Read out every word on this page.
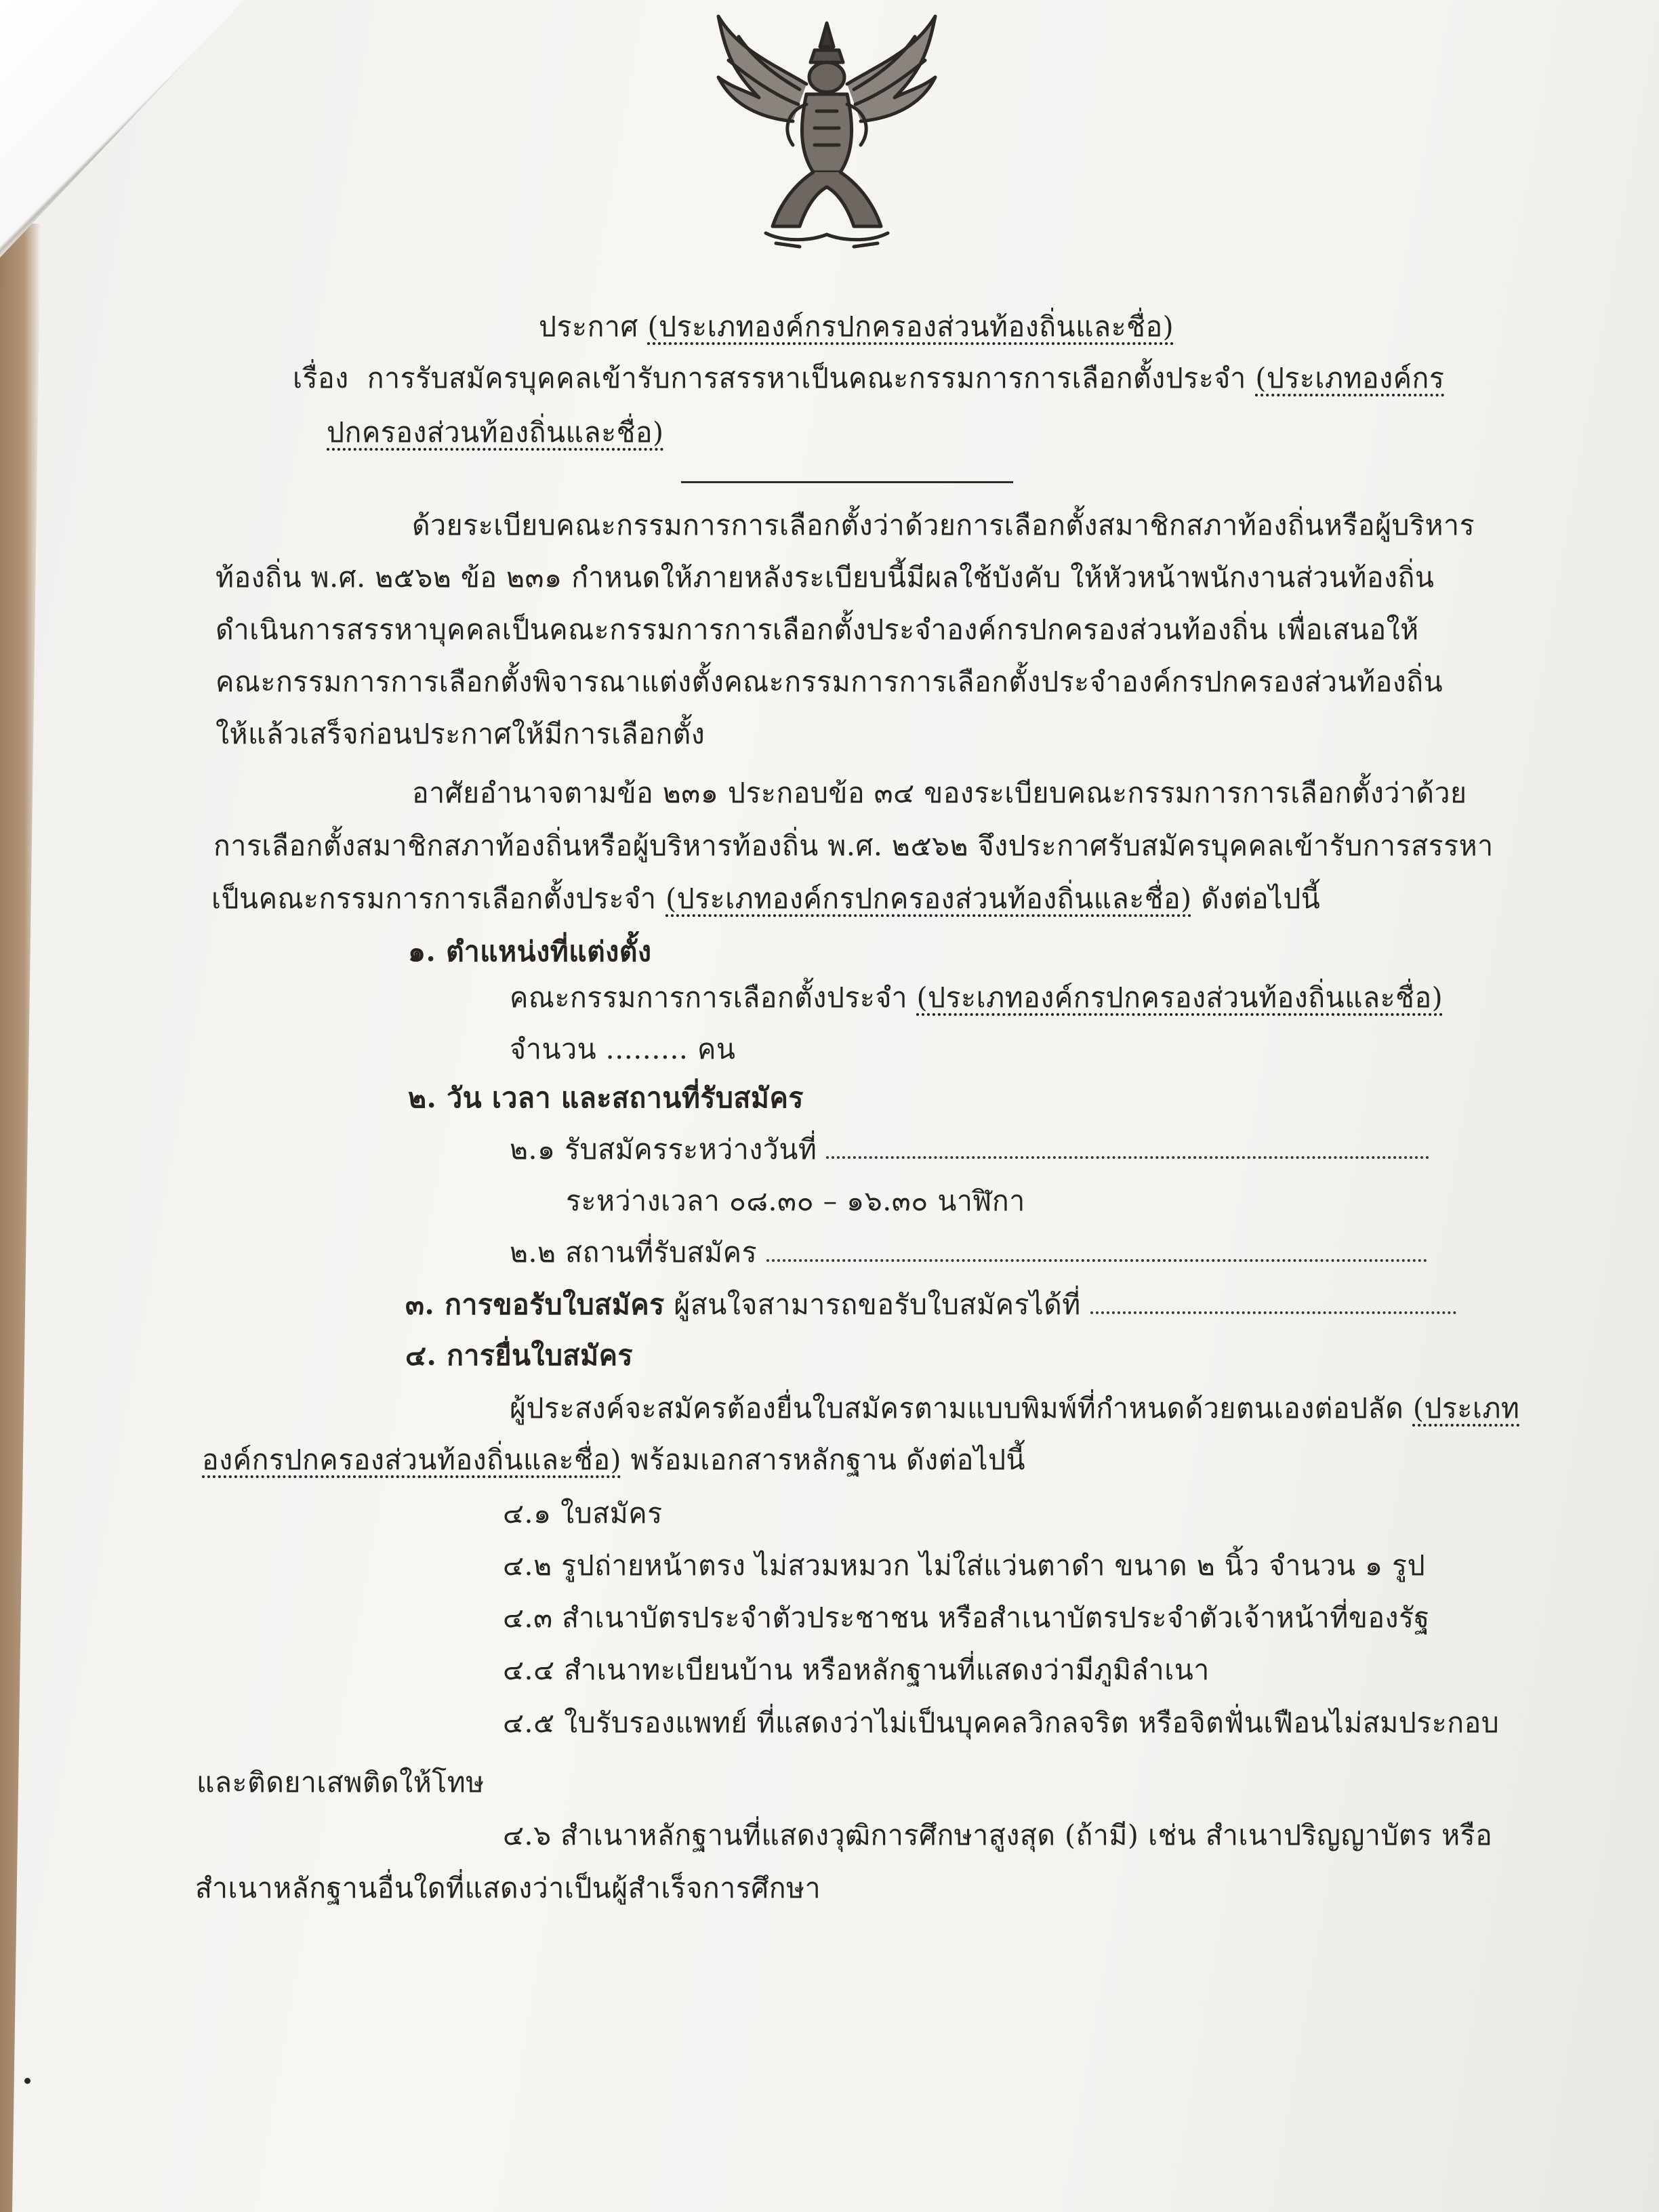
ประกาศ (ประเภทองค์กรปกครองส่วนท้องถิ่นและชื่อ)
เรื่อง การรับสมัครบุคคลเข้ารับการสรรหาเป็นคณะกรรมการการเลือกตั้งประจำ (ประเภทองค์กร
ปกครองส่วนท้องถิ่นและชื่อ)
ด้วยระเบียบคณะกรรมการการเลือกตั้งว่าด้วยการเลือกตั้งสมาชิกสภาท้องถิ่นหรือผู้บริหาร
ท้องถิ่น พ.ศ. ๒๕๖๒ ข้อ ๒๓๑ กำหนดให้ภายหลังระเบียบนี้มีผลใช้บังคับ ให้หัวหน้าพนักงานส่วนท้องถิ่น
ดำเนินการสรรหาบุคคลเป็นคณะกรรมการการเลือกตั้งประจำองค์กรปกครองส่วนท้องถิ่น เพื่อเสนอให้
คณะกรรมการการเลือกตั้งพิจารณาแต่งตั้งคณะกรรมการการเลือกตั้งประจำองค์กรปกครองส่วนท้องถิ่น
ให้แล้วเสร็จก่อนประกาศให้มีการเลือกตั้ง
อาศัยอำนาจตามข้อ ๒๓๑ ประกอบข้อ ๓๔ ของระเบียบคณะกรรมการการเลือกตั้งว่าด้วย
การเลือกตั้งสมาชิกสภาท้องถิ่นหรือผู้บริหารท้องถิ่น พ.ศ. ๒๕๖๒ จึงประกาศรับสมัครบุคคลเข้ารับการสรรหา
เป็นคณะกรรมการการเลือกตั้งประจำ (ประเภทองค์กรปกครองส่วนท้องถิ่นและชื่อ) ดังต่อไปนี้
๑. ตำแหน่งที่แต่งตั้ง
คณะกรรมการการเลือกตั้งประจำ (ประเภทองค์กรปกครองส่วนท้องถิ่นและชื่อ)
จำนวน ......... คน
๒. วัน เวลา และสถานที่รับสมัคร
๒.๑ รับสมัครระหว่างวันที่
ระหว่างเวลา ๐๘.๓๐ – ๑๖.๓๐ นาฬิกา
๒.๒ สถานที่รับสมัคร
๓. การขอรับใบสมัคร ผู้สนใจสามารถขอรับใบสมัครได้ที่
๔. การยื่นใบสมัคร
ผู้ประสงค์จะสมัครต้องยื่นใบสมัครตามแบบพิมพ์ที่กำหนดด้วยตนเองต่อปลัด (ประเภท
องค์กรปกครองส่วนท้องถิ่นและชื่อ) พร้อมเอกสารหลักฐาน ดังต่อไปนี้
๔.๑ ใบสมัคร
๔.๒ รูปถ่ายหน้าตรง ไม่สวมหมวก ไม่ใส่แว่นตาดำ ขนาด ๒ นิ้ว จำนวน ๑ รูป
๔.๓ สำเนาบัตรประจำตัวประชาชน หรือสำเนาบัตรประจำตัวเจ้าหน้าที่ของรัฐ
๔.๔ สำเนาทะเบียนบ้าน หรือหลักฐานที่แสดงว่ามีภูมิลำเนา
๔.๕ ใบรับรองแพทย์ ที่แสดงว่าไม่เป็นบุคคลวิกลจริต หรือจิตฟั่นเฟือนไม่สมประกอบ
และติดยาเสพติดให้โทษ
๔.๖ สำเนาหลักฐานที่แสดงวุฒิการศึกษาสูงสุด (ถ้ามี) เช่น สำเนาปริญญาบัตร หรือ
สำเนาหลักฐานอื่นใดที่แสดงว่าเป็นผู้สำเร็จการศึกษา
